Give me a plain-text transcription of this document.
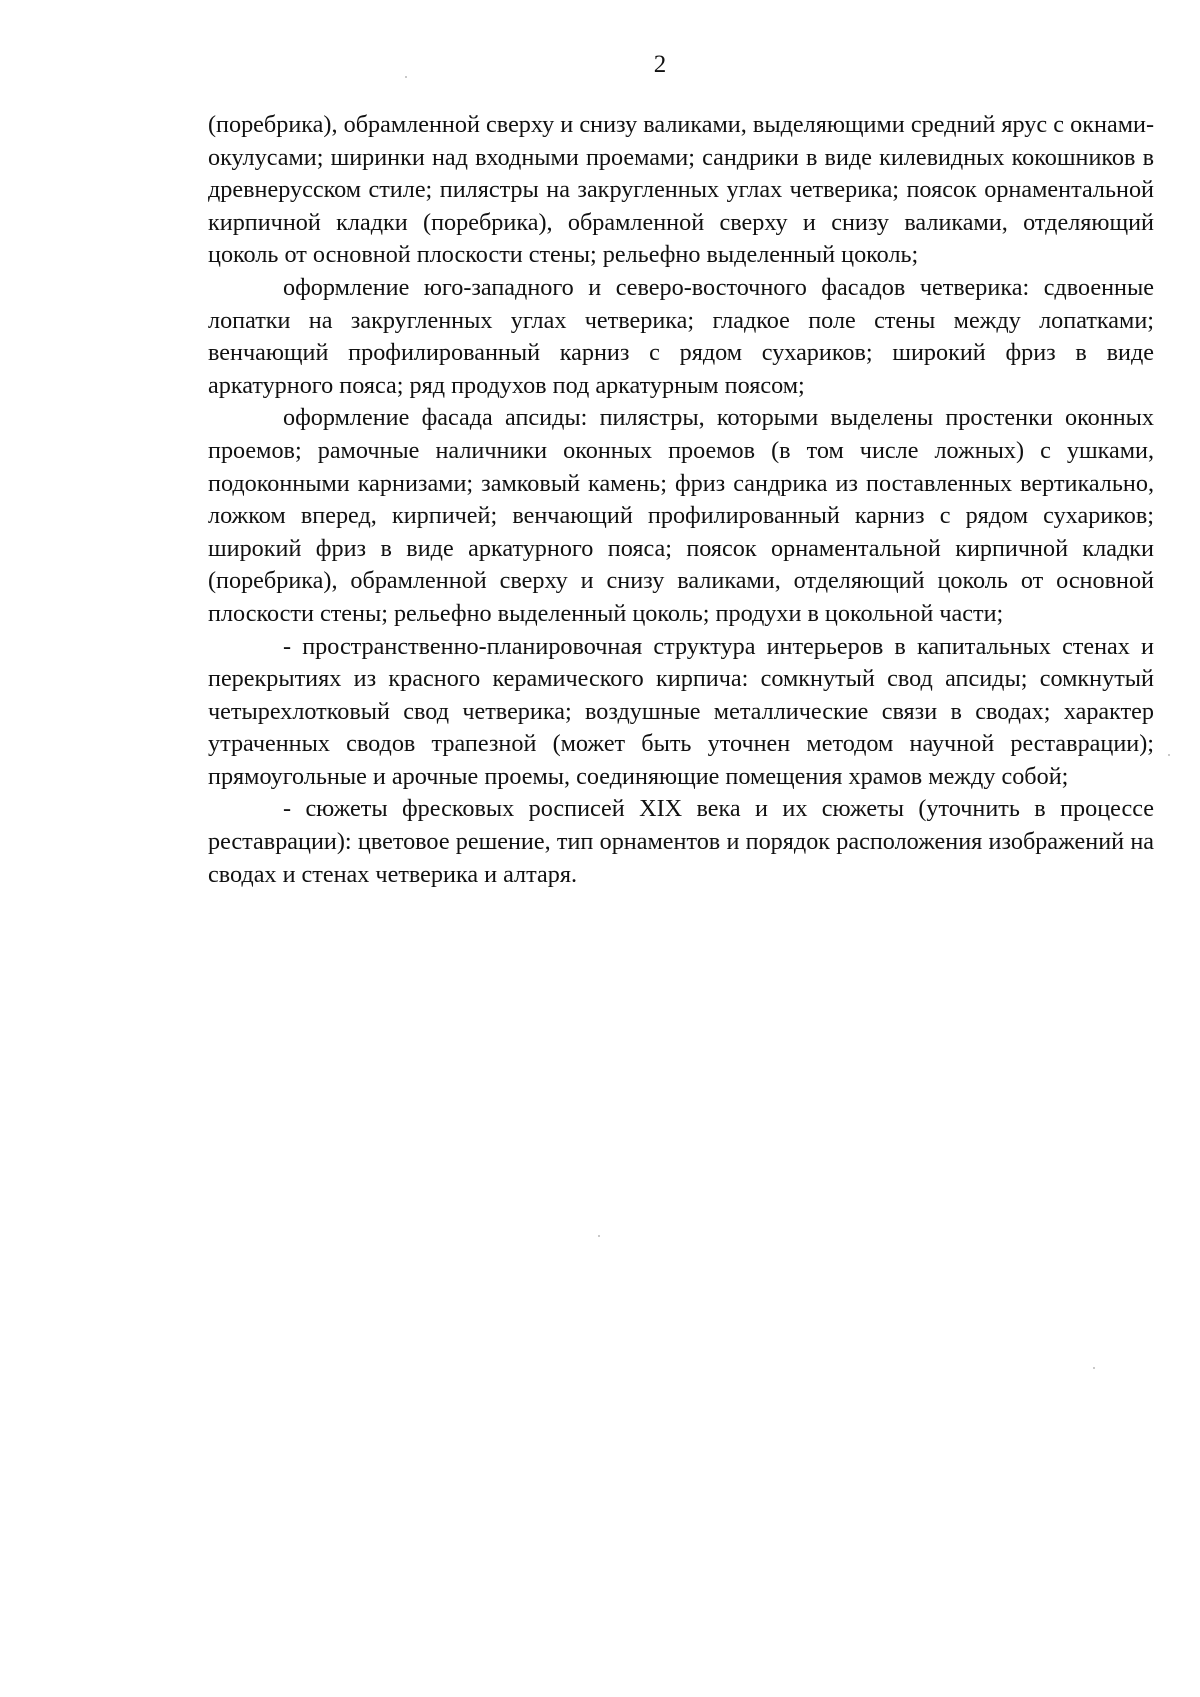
2

(поребрика), обрамленной сверху и снизу валиками, выделяющими средний ярус с окнами-окулусами; ширинки над входными проемами; сандрики в виде килевидных кокошников в древнерусском стиле; пилястры на закругленных углах четверика; поясок орнаментальной кирпичной кладки (поребрика), обрамленной сверху и снизу валиками, отделяющий цоколь от основной плоскости стены; рельефно выделенный цоколь;

оформление юго-западного и северо-восточного фасадов четверика: сдвоенные лопатки на закругленных углах четверика; гладкое поле стены между лопатками; венчающий профилированный карниз с рядом сухариков; широкий фриз в виде аркатурного пояса; ряд продухов под аркатурным поясом;

оформление фасада апсиды: пилястры, которыми выделены простенки оконных проемов; рамочные наличники оконных проемов (в том числе ложных) с ушками, подоконными карнизами; замковый камень; фриз сандрика из поставленных вертикально, ложком вперед, кирпичей; венчающий профилированный карниз с рядом сухариков; широкий фриз в виде аркатурного пояса; поясок орнаментальной кирпичной кладки (поребрика), обрамленной сверху и снизу валиками, отделяющий цоколь от основной плоскости стены; рельефно выделенный цоколь; продухи в цокольной части;

- пространственно-планировочная структура интерьеров в капитальных стенах и перекрытиях из красного керамического кирпича: сомкнутый свод апсиды; сомкнутый четырехлотковый свод четверика; воздушные металлические связи в сводах; характер утраченных сводов трапезной (может быть уточнен методом научной реставрации); прямоугольные и арочные проемы, соединяющие помещения храмов между собой;

- сюжеты фресковых росписей XIX века и их сюжеты (уточнить в процессе реставрации): цветовое решение, тип орнаментов и порядок расположения изображений на сводах и стенах четверика и алтаря.
